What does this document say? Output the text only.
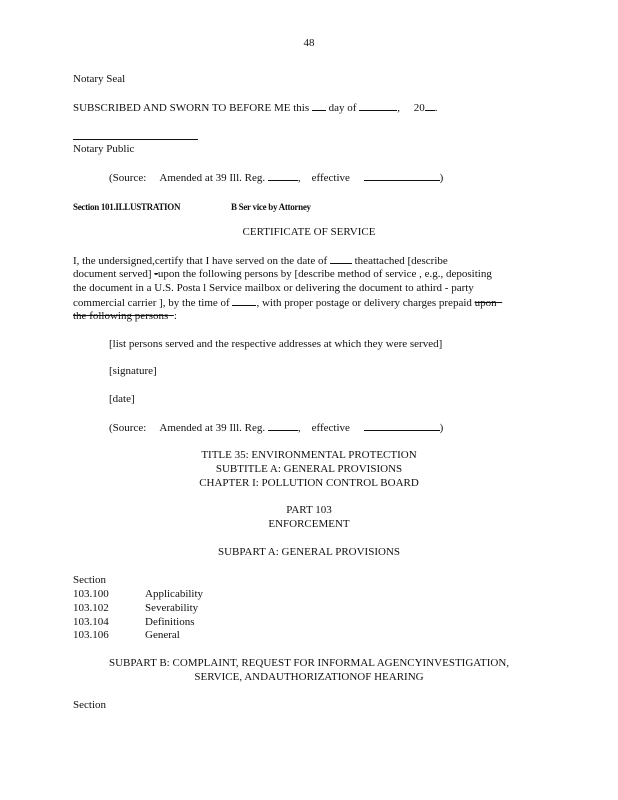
48
Notary Seal
SUBSCRIBED AND SWORN TO BEFORE ME this day of	,     20 .
Notary Public
(Source: Amended at 39 Ill. Reg.	,    effective	)
Section 101.ILLUSTRATION	B Ser vice by Attorney
CERTIFICATE OF SERVICE
I, the undersigned,certify that I have served on the date of	theattached [describe
document served] -upon the following persons by [describe method of service , e.g., depositing
the document in a U.S. Posta l Service mailbox or delivering the document to athird - party
commercial carrier ], by the time of , with proper postage or delivery charges prepaid upon
the following persons :
[list persons served and the respective addresses at which they were served]
[signature]
[date]
(Source: Amended at 39 Ill. Reg.	,    effective	)
TITLE 35: ENVIRONMENTAL PROTECTION
SUBTITLE A: GENERAL PROVISIONS
CHAPTER I: POLLUTION CONTROL BOARD
PART 103
ENFORCEMENT
SUBPART A: GENERAL PROVISIONS
Section
103.100	Applicability
103.102	Severability
103.104	Definitions
103.106	General
SUBPART B: COMPLAINT, REQUEST FOR INFORMAL AGENCYINVESTIGATION,
SERVICE, ANDAUTHORIZATIONOF HEARING
Section
